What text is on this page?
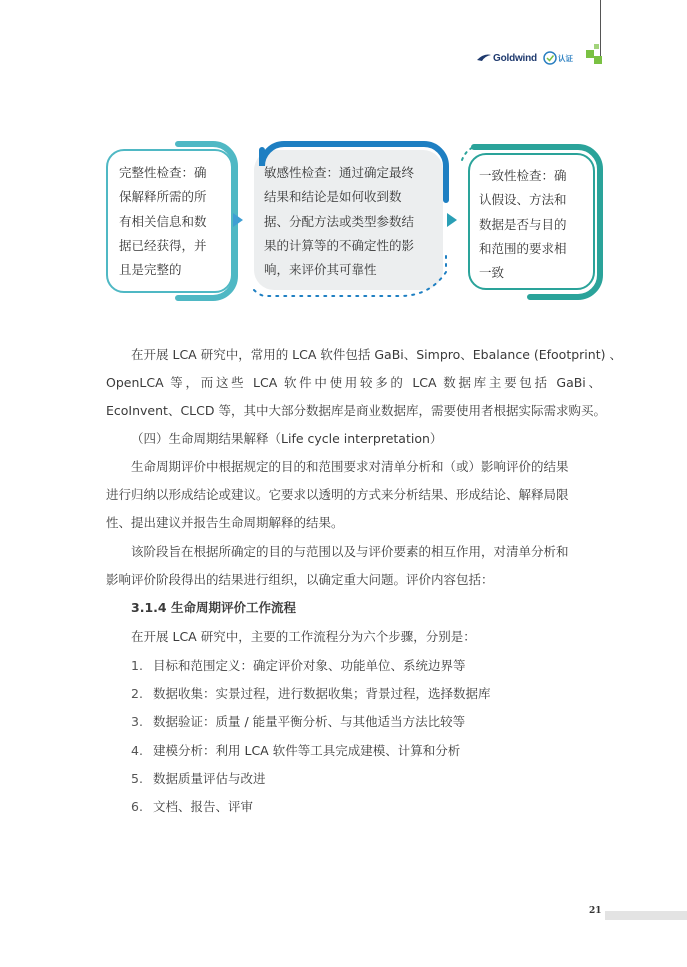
Goldwind	认证
完整性检查：确
保解释所需的所
有相关信息和数
据已经获得，并
且是完整的
敏感性检查：通过确定最终
结果和结论是如何收到数
据、分配方法或类型参数结
果的计算等的不确定性的影
响，来评价其可靠性
一致性检查：确
认假设、方法和
数据是否与目的
和范围的要求相
一致
在开展 LCA 研究中，常用的 LCA 软件包括 GaBi、Simpro、Ebalance (Efootprint) 、
OpenLCA 等，而这些 LCA 软件中使用较多的 LCA 数据库主要包括 GaBi、
EcoInvent、CLCD 等，其中大部分数据库是商业数据库，需要使用者根据实际需求购买。
（四）生命周期结果解释（Life cycle interpretation）
生命周期评价中根据规定的目的和范围要求对清单分析和（或）影响评价的结果
进行归纳以形成结论或建议。它要求以透明的方式来分析结果、形成结论、解释局限
性、提出建议并报告生命周期解释的结果。
该阶段旨在根据所确定的目的与范围以及与评价要素的相互作用，对清单分析和
影响评价阶段得出的结果进行组织，以确定重大问题。评价内容包括：
3.1.4 生命周期评价工作流程
在开展 LCA 研究中，主要的工作流程分为六个步骤，分别是：
1. 目标和范围定义：确定评价对象、功能单位、系统边界等
2. 数据收集：实景过程，进行数据收集；背景过程，选择数据库
3. 数据验证：质量 / 能量平衡分析、与其他适当方法比较等
4. 建模分析：利用 LCA 软件等工具完成建模、计算和分析
5. 数据质量评估与改进
6. 文档、报告、评审
21
